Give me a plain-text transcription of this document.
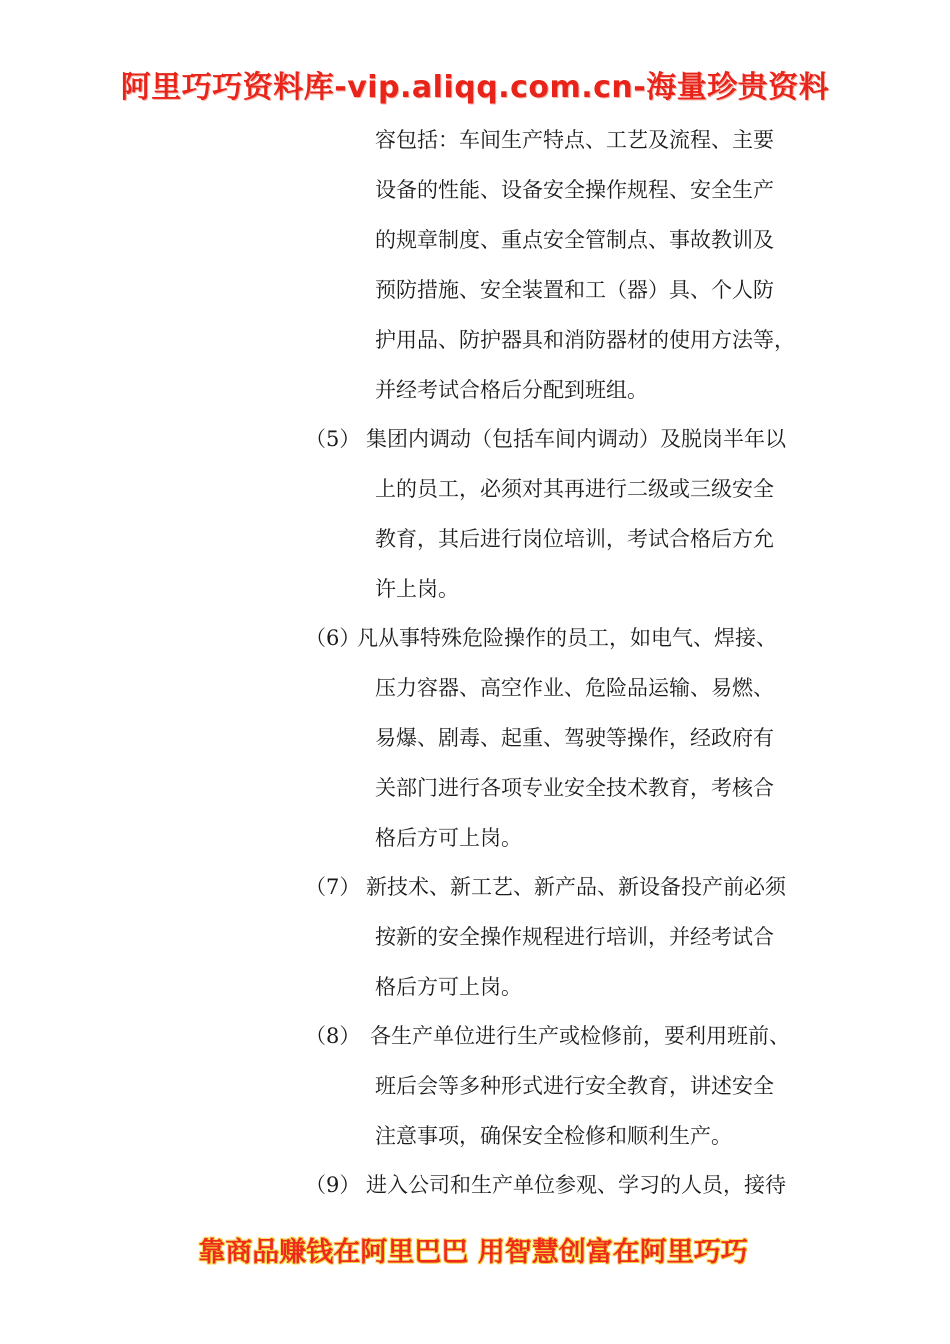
阿里巧巧资料库-vip.aliqq.com.cn-海量珍贵资料
容包括：车间生产特点、工艺及流程、主要
设备的性能、设备安全操作规程、安全生产
的规章制度、重点安全管制点、事故教训及
预防措施、安全装置和工（器）具、个人防
护用品、防护器具和消防器材的使用方法等，
并经考试合格后分配到班组。
（5） 集团内调动（包括车间内调动）及脱岗半年以
上的员工，必须对其再进行二级或三级安全
教育，其后进行岗位培训，考试合格后方允
许上岗。
（6）
凡从事特殊危险操作的员工，如电气、焊接、
压力容器、高空作业、危险品运输、易燃、
易爆、剧毒、起重、驾驶等操作，经政府有
关部门进行各项专业安全技术教育，考核合
格后方可上岗。
（7） 新技术、新工艺、新产品、新设备投产前必须
按新的安全操作规程进行培训，并经考试合
格后方可上岗。
（8） 各生产单位进行生产或检修前，要利用班前、
班后会等多种形式进行安全教育，讲述安全
注意事项，确保安全检修和顺利生产。
（9） 进入公司和生产单位参观、学习的人员，接待
靠商品赚钱在阿里巴巴 用智慧创富在阿里巧巧
